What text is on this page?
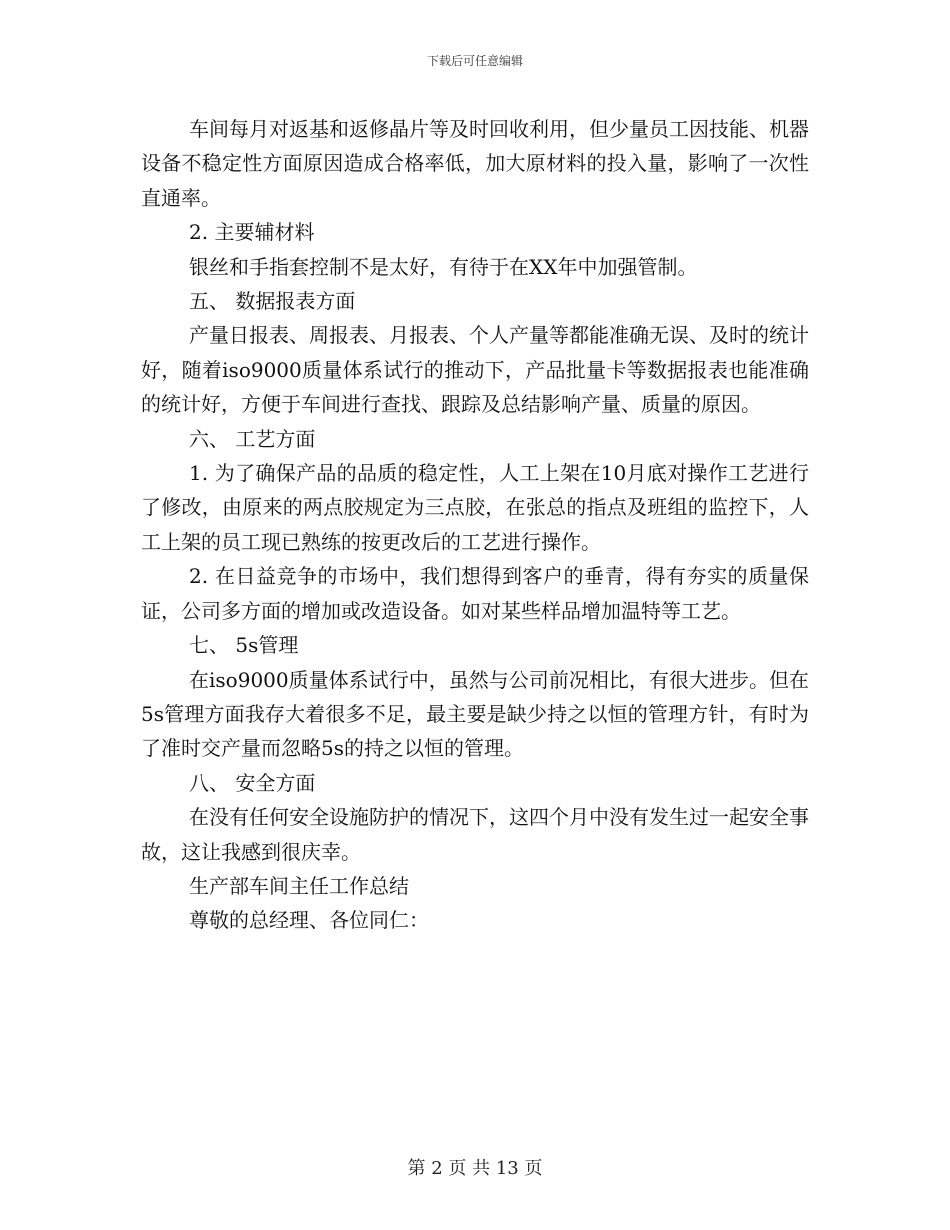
下载后可任意编辑

车间每月对返基和返修晶片等及时回收利用，但少量员工因技能、机器设备不稳定性方面原因造成合格率低，加大原材料的投入量，影响了一次性直通率。

2. 主要辅材料

银丝和手指套控制不是太好，有待于在XX年中加强管制。

五、 数据报表方面

产量日报表、周报表、月报表、个人产量等都能准确无误、及时的统计好，随着iso9000质量体系试行的推动下，产品批量卡等数据报表也能准确的统计好，方便于车间进行查找、跟踪及总结影响产量、质量的原因。

六、 工艺方面

1. 为了确保产品的品质的稳定性，人工上架在10月底对操作工艺进行了修改，由原来的两点胶规定为三点胶，在张总的指点及班组的监控下，人工上架的员工现已熟练的按更改后的工艺进行操作。

2. 在日益竞争的市场中，我们想得到客户的垂青，得有夯实的质量保证，公司多方面的增加或改造设备。如对某些样品增加温特等工艺。

七、 5s管理

在iso9000质量体系试行中，虽然与公司前况相比，有很大进步。但在5s管理方面我存大着很多不足，最主要是缺少持之以恒的管理方针，有时为了准时交产量而忽略5s的持之以恒的管理。

八、 安全方面

在没有任何安全设施防护的情况下，这四个月中没有发生过一起安全事故，这让我感到很庆幸。

生产部车间主任工作总结

尊敬的总经理、各位同仁：

第 2 页 共 13 页
